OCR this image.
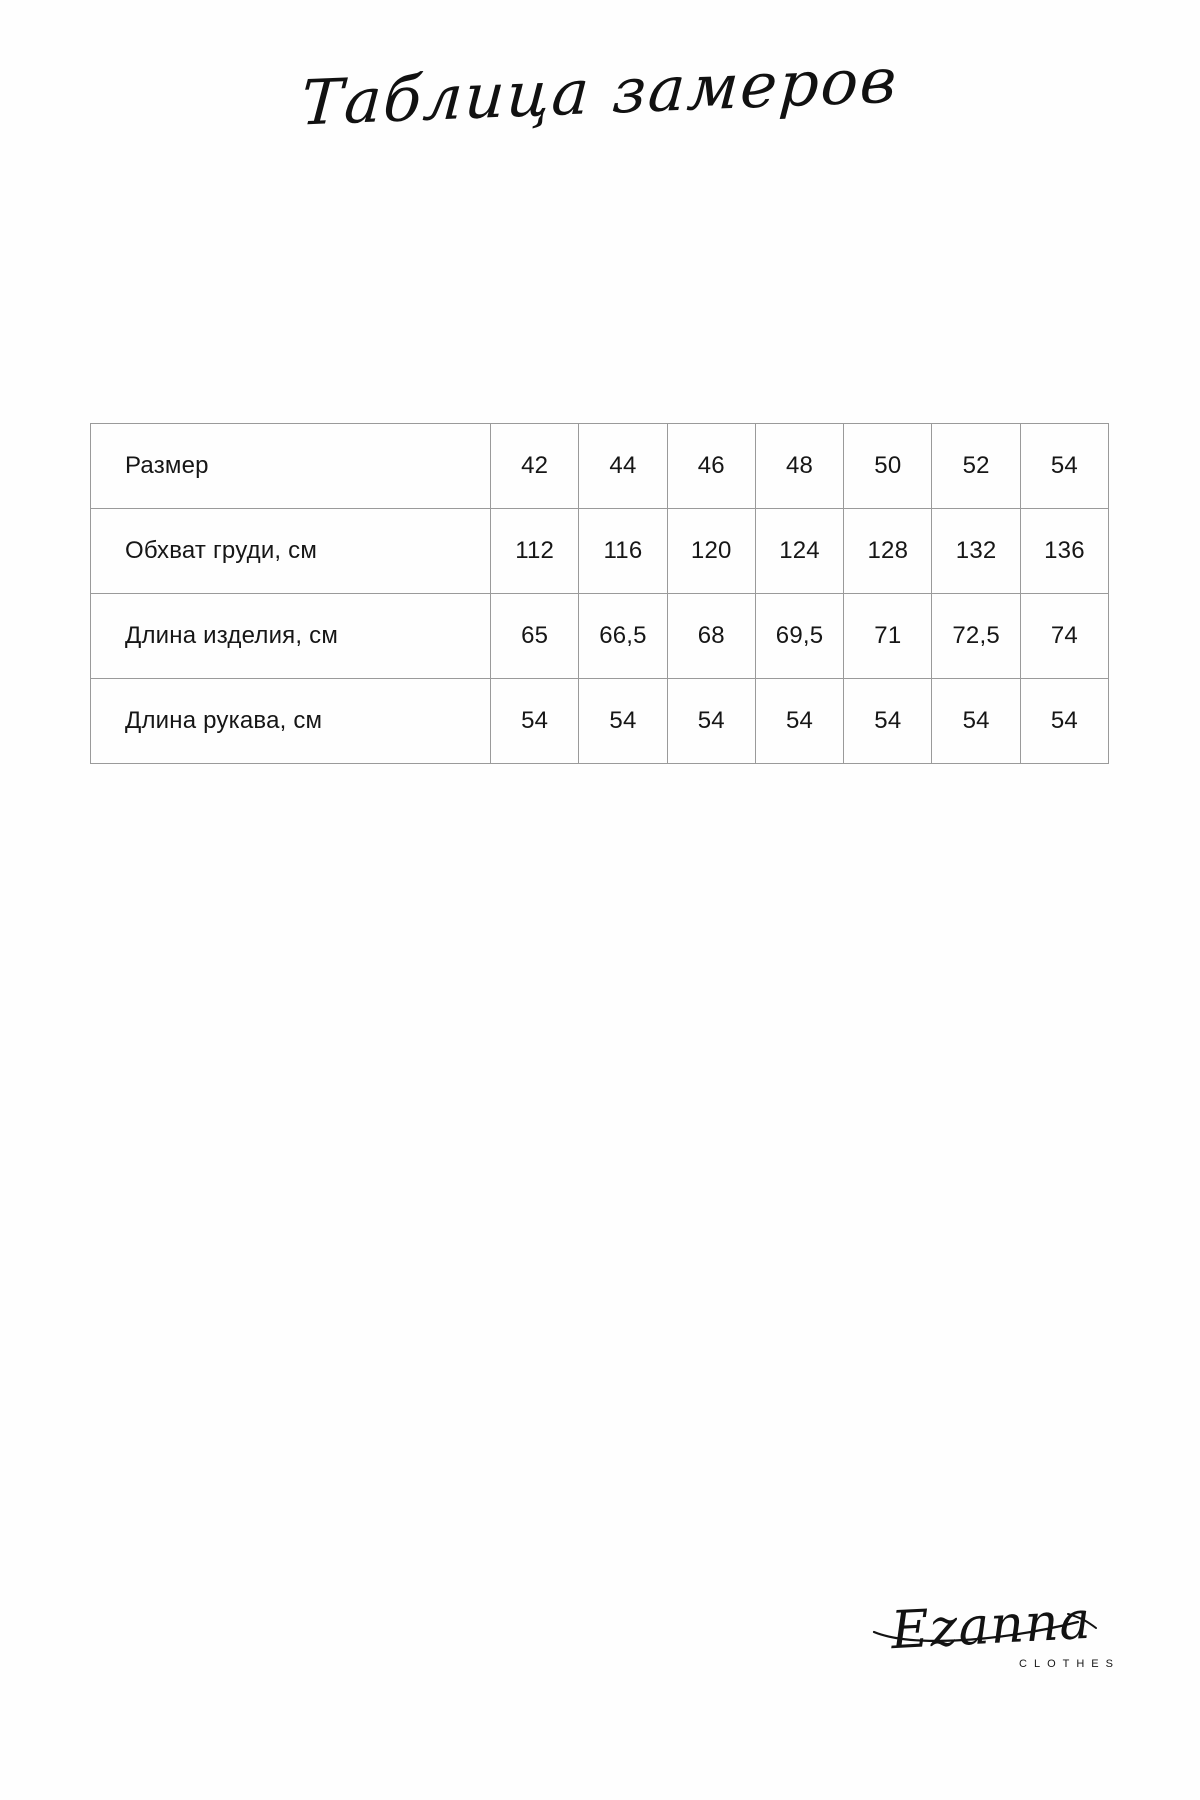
Таблица замеров
Размер	42	44	46	48	50	52	54
Обхват груди, см	112	116	120	124	128	132	136
Длина изделия, см	65	66,5	68	69,5	71	72,5	74
Длина рукава, см	54	54	54	54	54	54	54
Ezanna
CLOTHES
